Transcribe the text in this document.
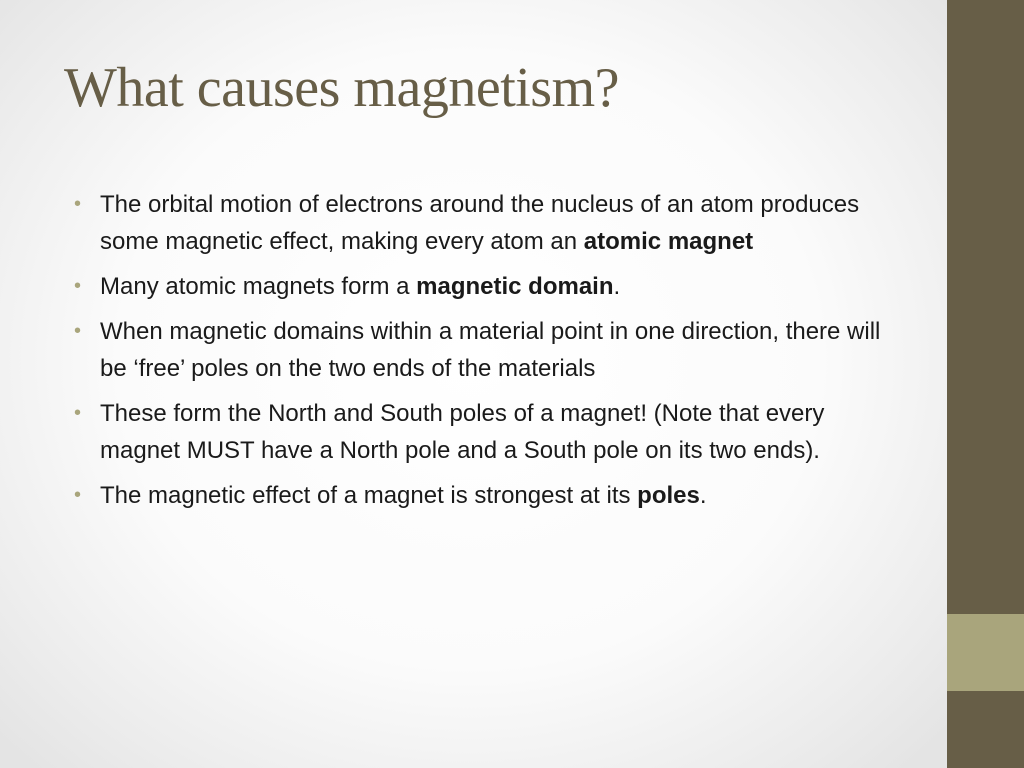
What causes magnetism?
• The orbital motion of electrons around the nucleus of an atom produces some magnetic effect, making every atom an atomic magnet
• Many atomic magnets form a magnetic domain.
• When magnetic domains within a material point in one direction, there will be ‘free’ poles on the two ends of the materials
• These form the North and South poles of a magnet! (Note that every magnet MUST have a North pole and a South pole on its two ends).
• The magnetic effect of a magnet is strongest at its poles.
